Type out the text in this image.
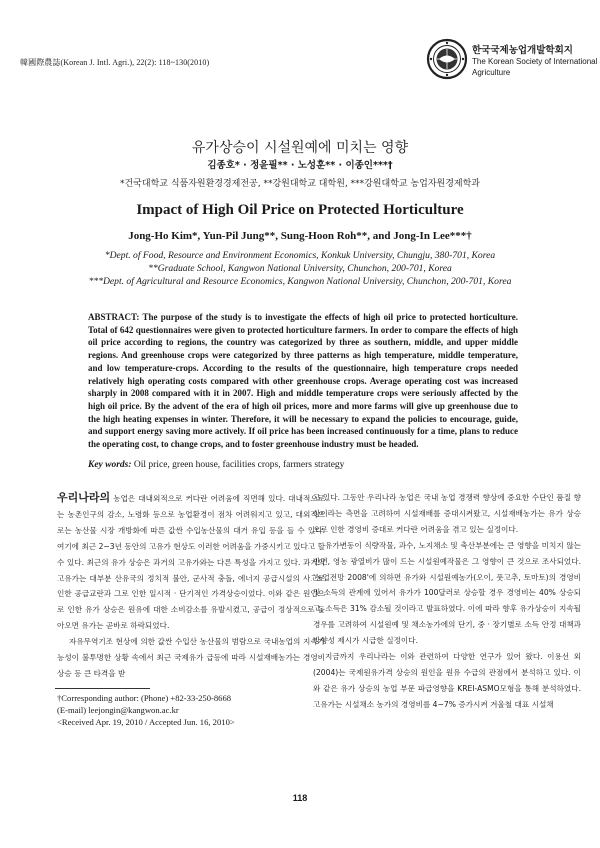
韓國際農誌(Korean J. Intl. Agri.), 22(2): 118~130(2010)
한국국제농업개발학회지
The Korean Society of International
Agriculture
유가상승이 시설원예에 미치는 영향
김종호* · 정윤필** · 노성훈** · 이종인***†
*건국대학교 식품자원환경경제전공, **강원대학교 대학원, ***강원대학교 농업자원경제학과
Impact of High Oil Price on Protected Horticulture
Jong-Ho Kim*, Yun-Pil Jung**, Sung-Hoon Roh**, and Jong-In Lee***†
*Dept. of Food, Resource and Environment Economics, Konkuk University, Chungju, 380-701, Korea
**Graduate School, Kangwon National University, Chunchon, 200-701, Korea
***Dept. of Agricultural and Resource Economics, Kangwon National University, Chunchon, 200-701, Korea
ABSTRACT: The purpose of the study is to investigate the effects of high oil price to protected horticulture. Total of 642 questionnaires were given to protected horticulture farmers. In order to compare the effects of high oil price according to regions, the country was categorized by three as southern, middle, and upper middle regions. And greenhouse crops were categorized by three patterns as high temperature, middle temperature, and low temperature-crops. According to the results of the questionnaire, high temperature crops needed relatively high operating costs compared with other greenhouse crops. Average operating cost was increased sharply in 2008 compared with it in 2007. High and middle temperature crops were seriously affected by the high oil price. By the advent of the era of high oil prices, more and more farms will give up greenhouse due to the high heating expenses in winter. Therefore, it will be necessary to expand the policies to encourage, guide, and support energy saving more actively. If oil price has been increased continuously for a time, plans to reduce the operating cost, to change crops, and to foster greenhouse industry must be headed.
Key words: Oil price, green house, facilities crops, farmers strategy

우리나라의 농업은 대내외적으로 커다란 어려움에 직면해 있다. 대내적으로는 농촌인구의 감소, 노령화 등으로 농업환경이 점차 어려워지고 있고, 대외적으로는 농산물 시장 개방화에 따른 값싼 수입농산물의 대거 유입 등을 들 수 있다. 여기에 최근 2~3년 동안의 고유가 현상도 이러한 어려움을 가중시키고 있다고 할 수 있다. 최근의 유가 상승은 과거의 고유가와는 다른 특성을 가지고 있다. 과거의 고유가는 대부분 산유국의 정치적 불안, 군사적 충돌, 에너지 공급시설의 사고로 인한 공급교란과 그로 인한 일시적 · 단기적인 가격상승이었다. 이와 같은 원인으로 인한 유가 상승은 원유에 대한 소비감소를 유발시켰고, 공급이 정상적으로 돌아오면 유가는 곧바로 하락되었다.

자유무역기조 현상에 의한 값싼 수입산 농산물의 범람으로 국내농업의 지속가능성이 불투명한 상황 속에서 최근 국제유가 급등에 따라 시설재배농가는 경영비 상승 등 큰 타격을 받

고 있다. 그동안 우리나라 농업은 국내 농업 경쟁력 향상에 중요한 수단인 품질 향상이라는 측면을 고려하여 시설재배를 증대시켜왔고, 시설재배농가는 유가 상승으로 인한 경영비 증대로 커다란 어려움을 겪고 있는 실정이다.

유가변동이 식량작물, 과수, 노지채소 및 축산부분에는 큰 영향을 미치지 않는 반면, 영농 광열비가 많이 드는 시설원예작물은 그 영향이 큰 것으로 조사되었다. '농업전망 2008'에 의하면 유가와 시설원예농가(오이, 풋고추, 토마토)의 경영비 및 소득의 관계에 있어서 유가가 100달러로 상승할 경우 경영비는 40% 상승되고, 소득은 31% 감소될 것이라고 발표하였다. 이에 따라 향후 유가상승이 지속될 경우를 고려하여 시설원예 및 채소농가에의 단기, 중 · 장기별로 소득 안정 대책과 방향성 제시가 시급한 실정이다.

지금까지 우리나라는 이와 관련하여 다양한 연구가 있어 왔다. 이용선 외(2004)는 국제원유가격 상승의 원인을 원유 수급의 관점에서 분석하고 있다. 이와 같은 유가 상승의 농업 부문 파급영향을 KREI-ASMO모형을 통해 분석하였다. 고유가는 시설채소 농가의 경영비를 4~7% 증가시켜 겨울철 대표 시설채

†Corresponding author: (Phone) +82-33-250-8668
(E-mail) leejongin@kangwon.ac.kr
<Received Apr. 19, 2010 / Accepted Jun. 16, 2010>
118
